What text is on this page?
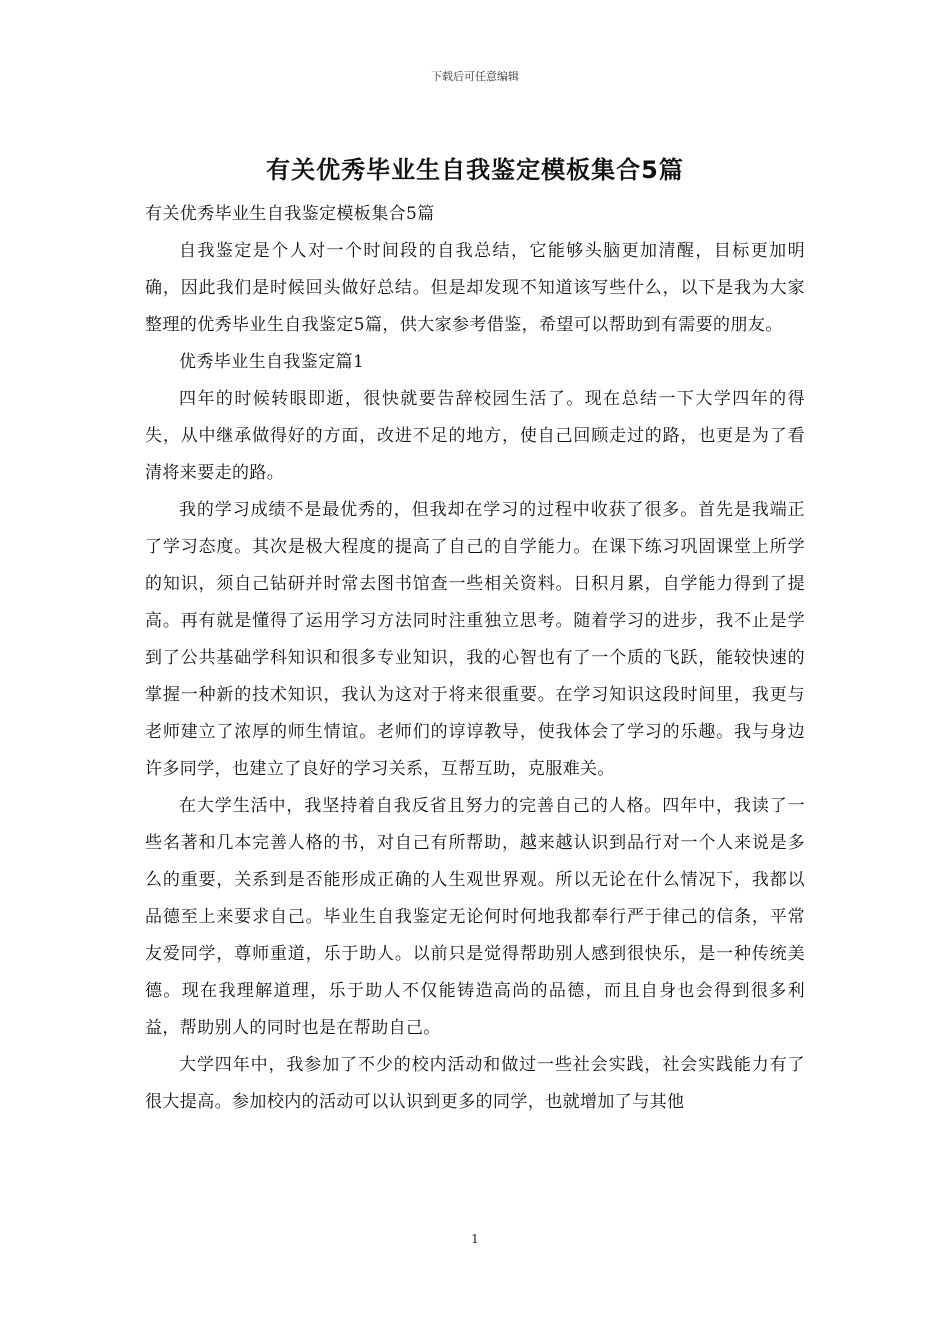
下载后可任意编辑
有关优秀毕业生自我鉴定模板集合5篇

有关优秀毕业生自我鉴定模板集合5篇

自我鉴定是个人对一个时间段的自我总结，它能够头脑更加清醒，目标更加明确，因此我们是时候回头做好总结。但是却发现不知道该写些什么，以下是我为大家整理的优秀毕业生自我鉴定5篇，供大家参考借鉴，希望可以帮助到有需要的朋友。

优秀毕业生自我鉴定篇1

四年的时候转眼即逝，很快就要告辞校园生活了。现在总结一下大学四年的得失，从中继承做得好的方面，改进不足的地方，使自己回顾走过的路，也更是为了看清将来要走的路。

我的学习成绩不是最优秀的，但我却在学习的过程中收获了很多。首先是我端正了学习态度。其次是极大程度的提高了自己的自学能力。在课下练习巩固课堂上所学的知识，须自己钻研并时常去图书馆查一些相关资料。日积月累，自学能力得到了提高。再有就是懂得了运用学习方法同时注重独立思考。随着学习的进步，我不止是学到了公共基础学科知识和很多专业知识，我的心智也有了一个质的飞跃，能较快速的掌握一种新的技术知识，我认为这对于将来很重要。在学习知识这段时间里，我更与老师建立了浓厚的师生情谊。老师们的谆谆教导，使我体会了学习的乐趣。我与身边许多同学，也建立了良好的学习关系，互帮互助，克服难关。

在大学生活中，我坚持着自我反省且努力的完善自己的人格。四年中，我读了一些名著和几本完善人格的书，对自己有所帮助，越来越认识到品行对一个人来说是多么的重要，关系到是否能形成正确的人生观世界观。所以无论在什么情况下，我都以品德至上来要求自己。毕业生自我鉴定无论何时何地我都奉行严于律己的信条，平常友爱同学，尊师重道，乐于助人。以前只是觉得帮助别人感到很快乐，是一种传统美德。现在我理解道理，乐于助人不仅能铸造高尚的品德，而且自身也会得到很多利益，帮助别人的同时也是在帮助自己。

大学四年中，我参加了不少的校内活动和做过一些社会实践，社会实践能力有了很大提高。参加校内的活动可以认识到更多的同学，也就增加了与其他

1
